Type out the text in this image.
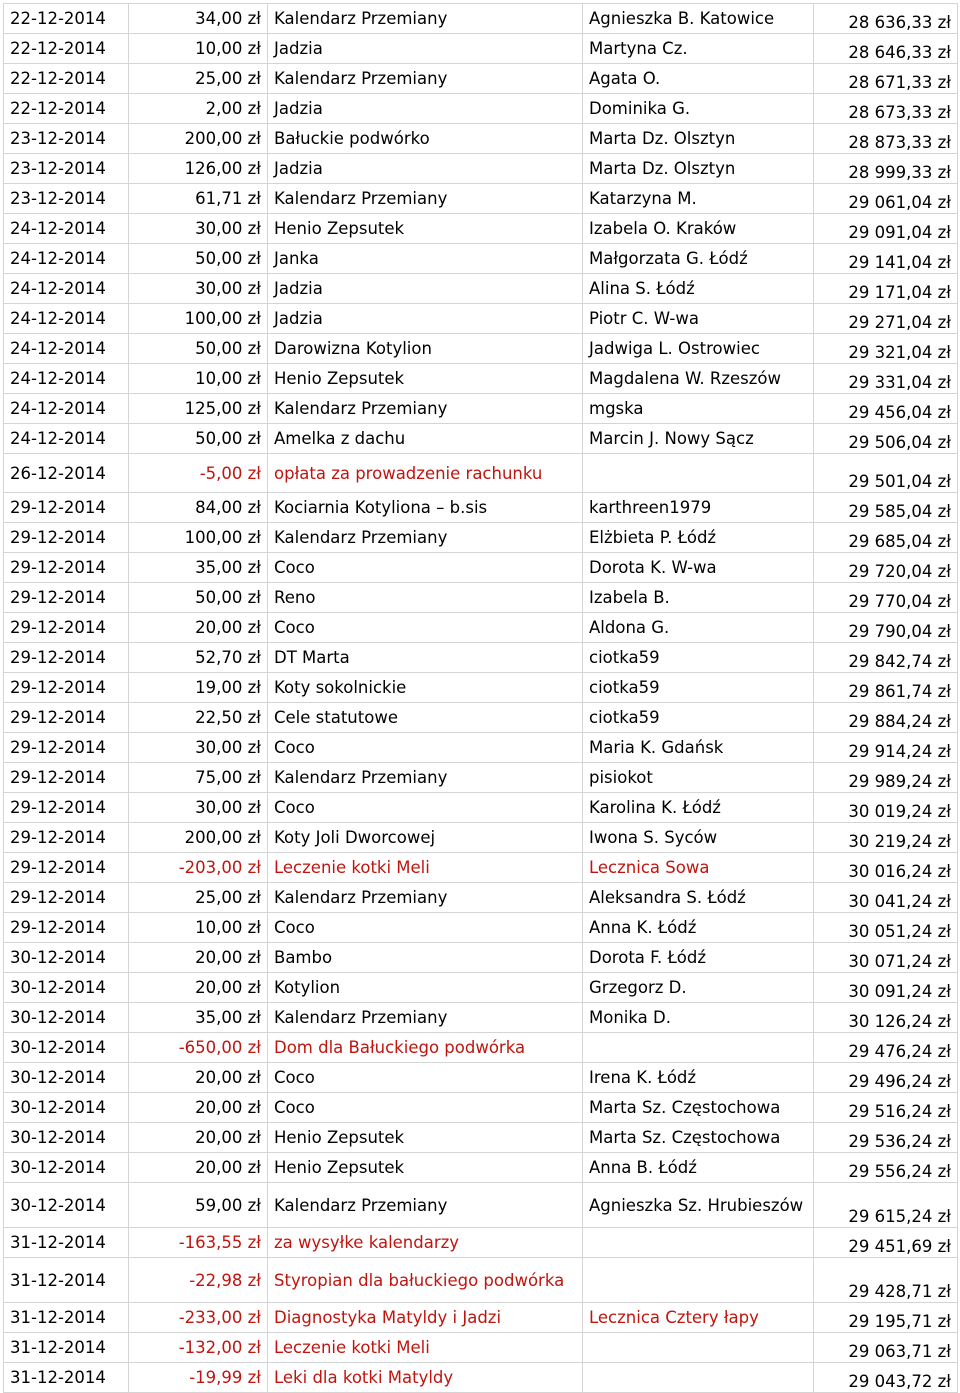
22-12-2014	34,00 zł	Kalendarz Przemiany	Agnieszka B. Katowice	28 636,33 zł
22-12-2014	10,00 zł	Jadzia	Martyna Cz.	28 646,33 zł
22-12-2014	25,00 zł	Kalendarz Przemiany	Agata O.	28 671,33 zł
22-12-2014	2,00 zł	Jadzia	Dominika G.	28 673,33 zł
23-12-2014	200,00 zł	Bałuckie podwórko	Marta Dz. Olsztyn	28 873,33 zł
23-12-2014	126,00 zł	Jadzia	Marta Dz. Olsztyn	28 999,33 zł
23-12-2014	61,71 zł	Kalendarz Przemiany	Katarzyna M.	29 061,04 zł
24-12-2014	30,00 zł	Henio Zepsutek	Izabela O. Kraków	29 091,04 zł
24-12-2014	50,00 zł	Janka	Małgorzata G. Łódź	29 141,04 zł
24-12-2014	30,00 zł	Jadzia	Alina S. Łódź	29 171,04 zł
24-12-2014	100,00 zł	Jadzia	Piotr C. W-wa	29 271,04 zł
24-12-2014	50,00 zł	Darowizna Kotylion	Jadwiga L. Ostrowiec	29 321,04 zł
24-12-2014	10,00 zł	Henio Zepsutek	Magdalena W. Rzeszów	29 331,04 zł
24-12-2014	125,00 zł	Kalendarz Przemiany	mgska	29 456,04 zł
24-12-2014	50,00 zł	Amelka z dachu	Marcin J. Nowy Sącz	29 506,04 zł
26-12-2014	-5,00 zł	opłata za prowadzenie rachunku		29 501,04 zł
29-12-2014	84,00 zł	Kociarnia Kotyliona – b.sis	karthreen1979	29 585,04 zł
29-12-2014	100,00 zł	Kalendarz Przemiany	Elżbieta P. Łódź	29 685,04 zł
29-12-2014	35,00 zł	Coco	Dorota K. W-wa	29 720,04 zł
29-12-2014	50,00 zł	Reno	Izabela B.	29 770,04 zł
29-12-2014	20,00 zł	Coco	Aldona G.	29 790,04 zł
29-12-2014	52,70 zł	DT Marta	ciotka59	29 842,74 zł
29-12-2014	19,00 zł	Koty sokolnickie	ciotka59	29 861,74 zł
29-12-2014	22,50 zł	Cele statutowe	ciotka59	29 884,24 zł
29-12-2014	30,00 zł	Coco	Maria K. Gdańsk	29 914,24 zł
29-12-2014	75,00 zł	Kalendarz Przemiany	pisiokot	29 989,24 zł
29-12-2014	30,00 zł	Coco	Karolina K. Łódź	30 019,24 zł
29-12-2014	200,00 zł	Koty Joli Dworcowej	Iwona S. Syców	30 219,24 zł
29-12-2014	-203,00 zł	Leczenie kotki Meli	Lecznica Sowa	30 016,24 zł
29-12-2014	25,00 zł	Kalendarz Przemiany	Aleksandra S. Łódź	30 041,24 zł
29-12-2014	10,00 zł	Coco	Anna K. Łódź	30 051,24 zł
30-12-2014	20,00 zł	Bambo	Dorota F. Łódź	30 071,24 zł
30-12-2014	20,00 zł	Kotylion	Grzegorz D.	30 091,24 zł
30-12-2014	35,00 zł	Kalendarz Przemiany	Monika D.	30 126,24 zł
30-12-2014	-650,00 zł	Dom dla Bałuckiego podwórka		29 476,24 zł
30-12-2014	20,00 zł	Coco	Irena K. Łódź	29 496,24 zł
30-12-2014	20,00 zł	Coco	Marta Sz. Częstochowa	29 516,24 zł
30-12-2014	20,00 zł	Henio Zepsutek	Marta Sz. Częstochowa	29 536,24 zł
30-12-2014	20,00 zł	Henio Zepsutek	Anna B. Łódź	29 556,24 zł
30-12-2014	59,00 zł	Kalendarz Przemiany	Agnieszka Sz. Hrubieszów	29 615,24 zł
31-12-2014	-163,55 zł	za wysyłke kalendarzy		29 451,69 zł
31-12-2014	-22,98 zł	Styropian dla bałuckiego podwórka		29 428,71 zł
31-12-2014	-233,00 zł	Diagnostyka Matyldy i Jadzi	Lecznica Cztery łapy	29 195,71 zł
31-12-2014	-132,00 zł	Leczenie kotki Meli		29 063,71 zł
31-12-2014	-19,99 zł	Leki dla kotki Matyldy		29 043,72 zł
